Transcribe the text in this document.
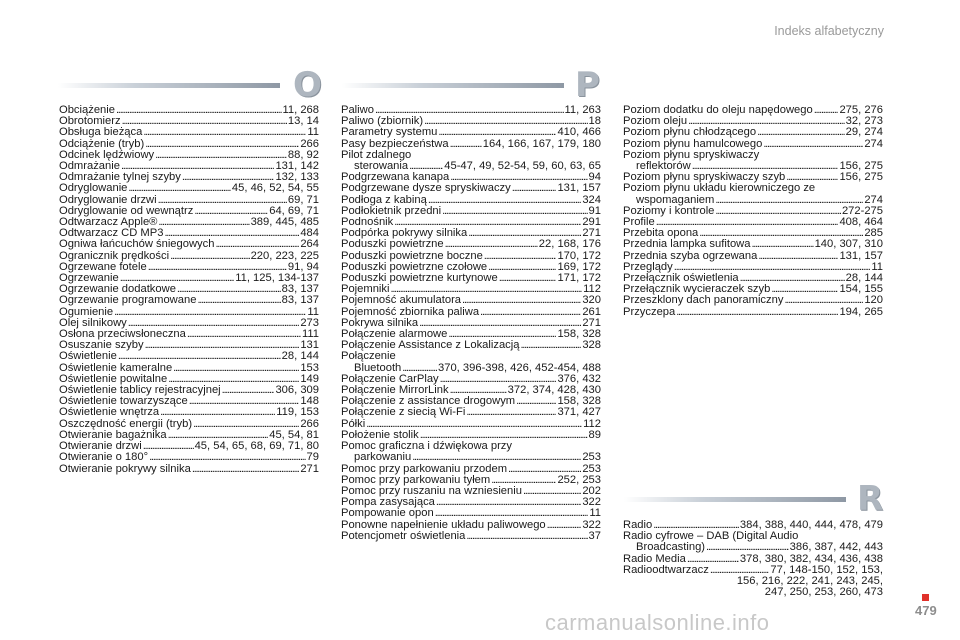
Indeks alfabetyczny
O	P
R
Obciążenie . . .	11, 268
Obrotomierz . . .	13, 14
Obsługa bieżąca . . .	11
Odciążenie (tryb) . . .	266
Odcinek lędźwiowy . . .	88, 92
Odmrażanie . . .	131, 142
Odmrażanie tylnej szyby . . .	132, 133
Odryglowanie . . .	45, 46, 52, 54, 55
Odryglowanie drzwi . . .	69, 71
Odryglowanie od wewnątrz . . .	64, 69, 71
Odtwarzacz Apple® . . .	389, 445, 485
Odtwarzacz CD MP3 . . .	484
Ogniwa łańcuchów śniegowych . . .	264
Ogranicznik prędkości . . .	220, 223, 225
Ogrzewane fotele . . .	91, 94
Ogrzewanie . . .	11, 125, 134-137
Ogrzewanie dodatkowe . . .	83, 137
Ogrzewanie programowane . . .	83, 137
Ogumienie . . .	11
Olej silnikowy . . .	273
Osłona przeciwsłoneczna . . .	111
Osuszanie szyby . . .	131
Oświetlenie . . .	28, 144
Oświetlenie kameralne . . .	153
Oświetlenie powitalne . . .	149
Oświetlenie tablicy rejestracyjnej . . .	306, 309
Oświetlenie towarzyszące . . .	148
Oświetlenie wnętrza . . .	119, 153
Oszczędność energii (tryb) . . .	266
Otwieranie bagażnika . . .	45, 54, 81
Otwieranie drzwi . . .	45, 54, 65, 68, 69, 71, 80
Otwieranie o 180° . . .	79
Otwieranie pokrywy silnika . . .	271
Paliwo . . .	11, 263
Paliwo (zbiornik) . . .	18
Parametry systemu . . .	410, 466
Pasy bezpieczeństwa . . .	164, 166, 167, 179, 180
Pilot zdalnego
sterowania . . .	45-47, 49, 52-54, 59, 60, 63, 65
Podgrzewana kanapa . . .	94
Podgrzewane dysze spryskiwaczy . . .	131, 157
Podłoga z kabiną . . .	324
Podłokietnik przedni . . .	91
Podnośnik . . .	291
Podpórka pokrywy silnika . . .	271
Poduszki powietrzne . . .	22, 168, 176
Poduszki powietrzne boczne . . .	170, 172
Poduszki powietrzne czołowe . . .	169, 172
Poduszki powietrzne kurtynowe . . .	171, 172
Pojemniki . . .	112
Pojemność akumulatora . . .	320
Pojemność zbiornika paliwa . . .	261
Pokrywa silnika . . .	271
Połączenie alarmowe . . .	158, 328
Połączenie Assistance z Lokalizacją . . .	328
Połączenie
Bluetooth . . .	370, 396-398, 426, 452-454, 488
Połączenie CarPlay . . .	376, 432
Połączenie MirrorLink . . .	372, 374, 428, 430
Połączenie z assistance drogowym . . .	158, 328
Połączenie z siecią Wi-Fi . . .	371, 427
Półki . . .	112
Położenie stolik . . .	89
Pomoc graficzna i dźwiękowa przy
parkowaniu . . .	253
Pomoc przy parkowaniu przodem . . .	253
Pomoc przy parkowaniu tyłem . . .	252, 253
Pomoc przy ruszaniu na wzniesieniu . . .	202
Pompa zasysająca . . .	322
Pompowanie opon . . .	11
Ponowne napełnienie układu paliwowego . . .	322
Potencjometr oświetlenia . . .	37
Poziom dodatku do oleju napędowego . . . 275, 276
Poziom oleju . . .	32, 273
Poziom płynu chłodzącego . . .	29, 274
Poziom płynu hamulcowego . . .	274
Poziom płynu spryskiwaczy
reflektorów . . .	156, 275
Poziom płynu spryskiwaczy szyb . . .	156, 275
Poziom płynu układu kierowniczego ze
wspomaganiem . . .	274
Poziomy i kontrole . . .	272-275
Profile . . .	408, 464
Przebita opona . . .	285
Przednia lampka sufitowa . . .	140, 307, 310
Przednia szyba ogrzewana . . .	131, 157
Przeglądy . . .	11
Przełącznik oświetlenia . . .	28, 144
Przełącznik wycieraczek szyb . . .	154, 155
Przeszklony dach panoramiczny . . .	120
Przyczepa . . .	194, 265
Radio . . .	384, 388, 440, 444, 478, 479
Radio cyfrowe – DAB (Digital Audio
Broadcasting) . . .	386, 387, 442, 443
Radio Media . . .	378, 380, 382, 434, 436, 438
Radioodtwarzacz . . .	77, 148-150, 152, 153,
156, 216, 222, 241, 243, 245,
247, 250, 253, 260, 473
479
carmanualsonline.info
